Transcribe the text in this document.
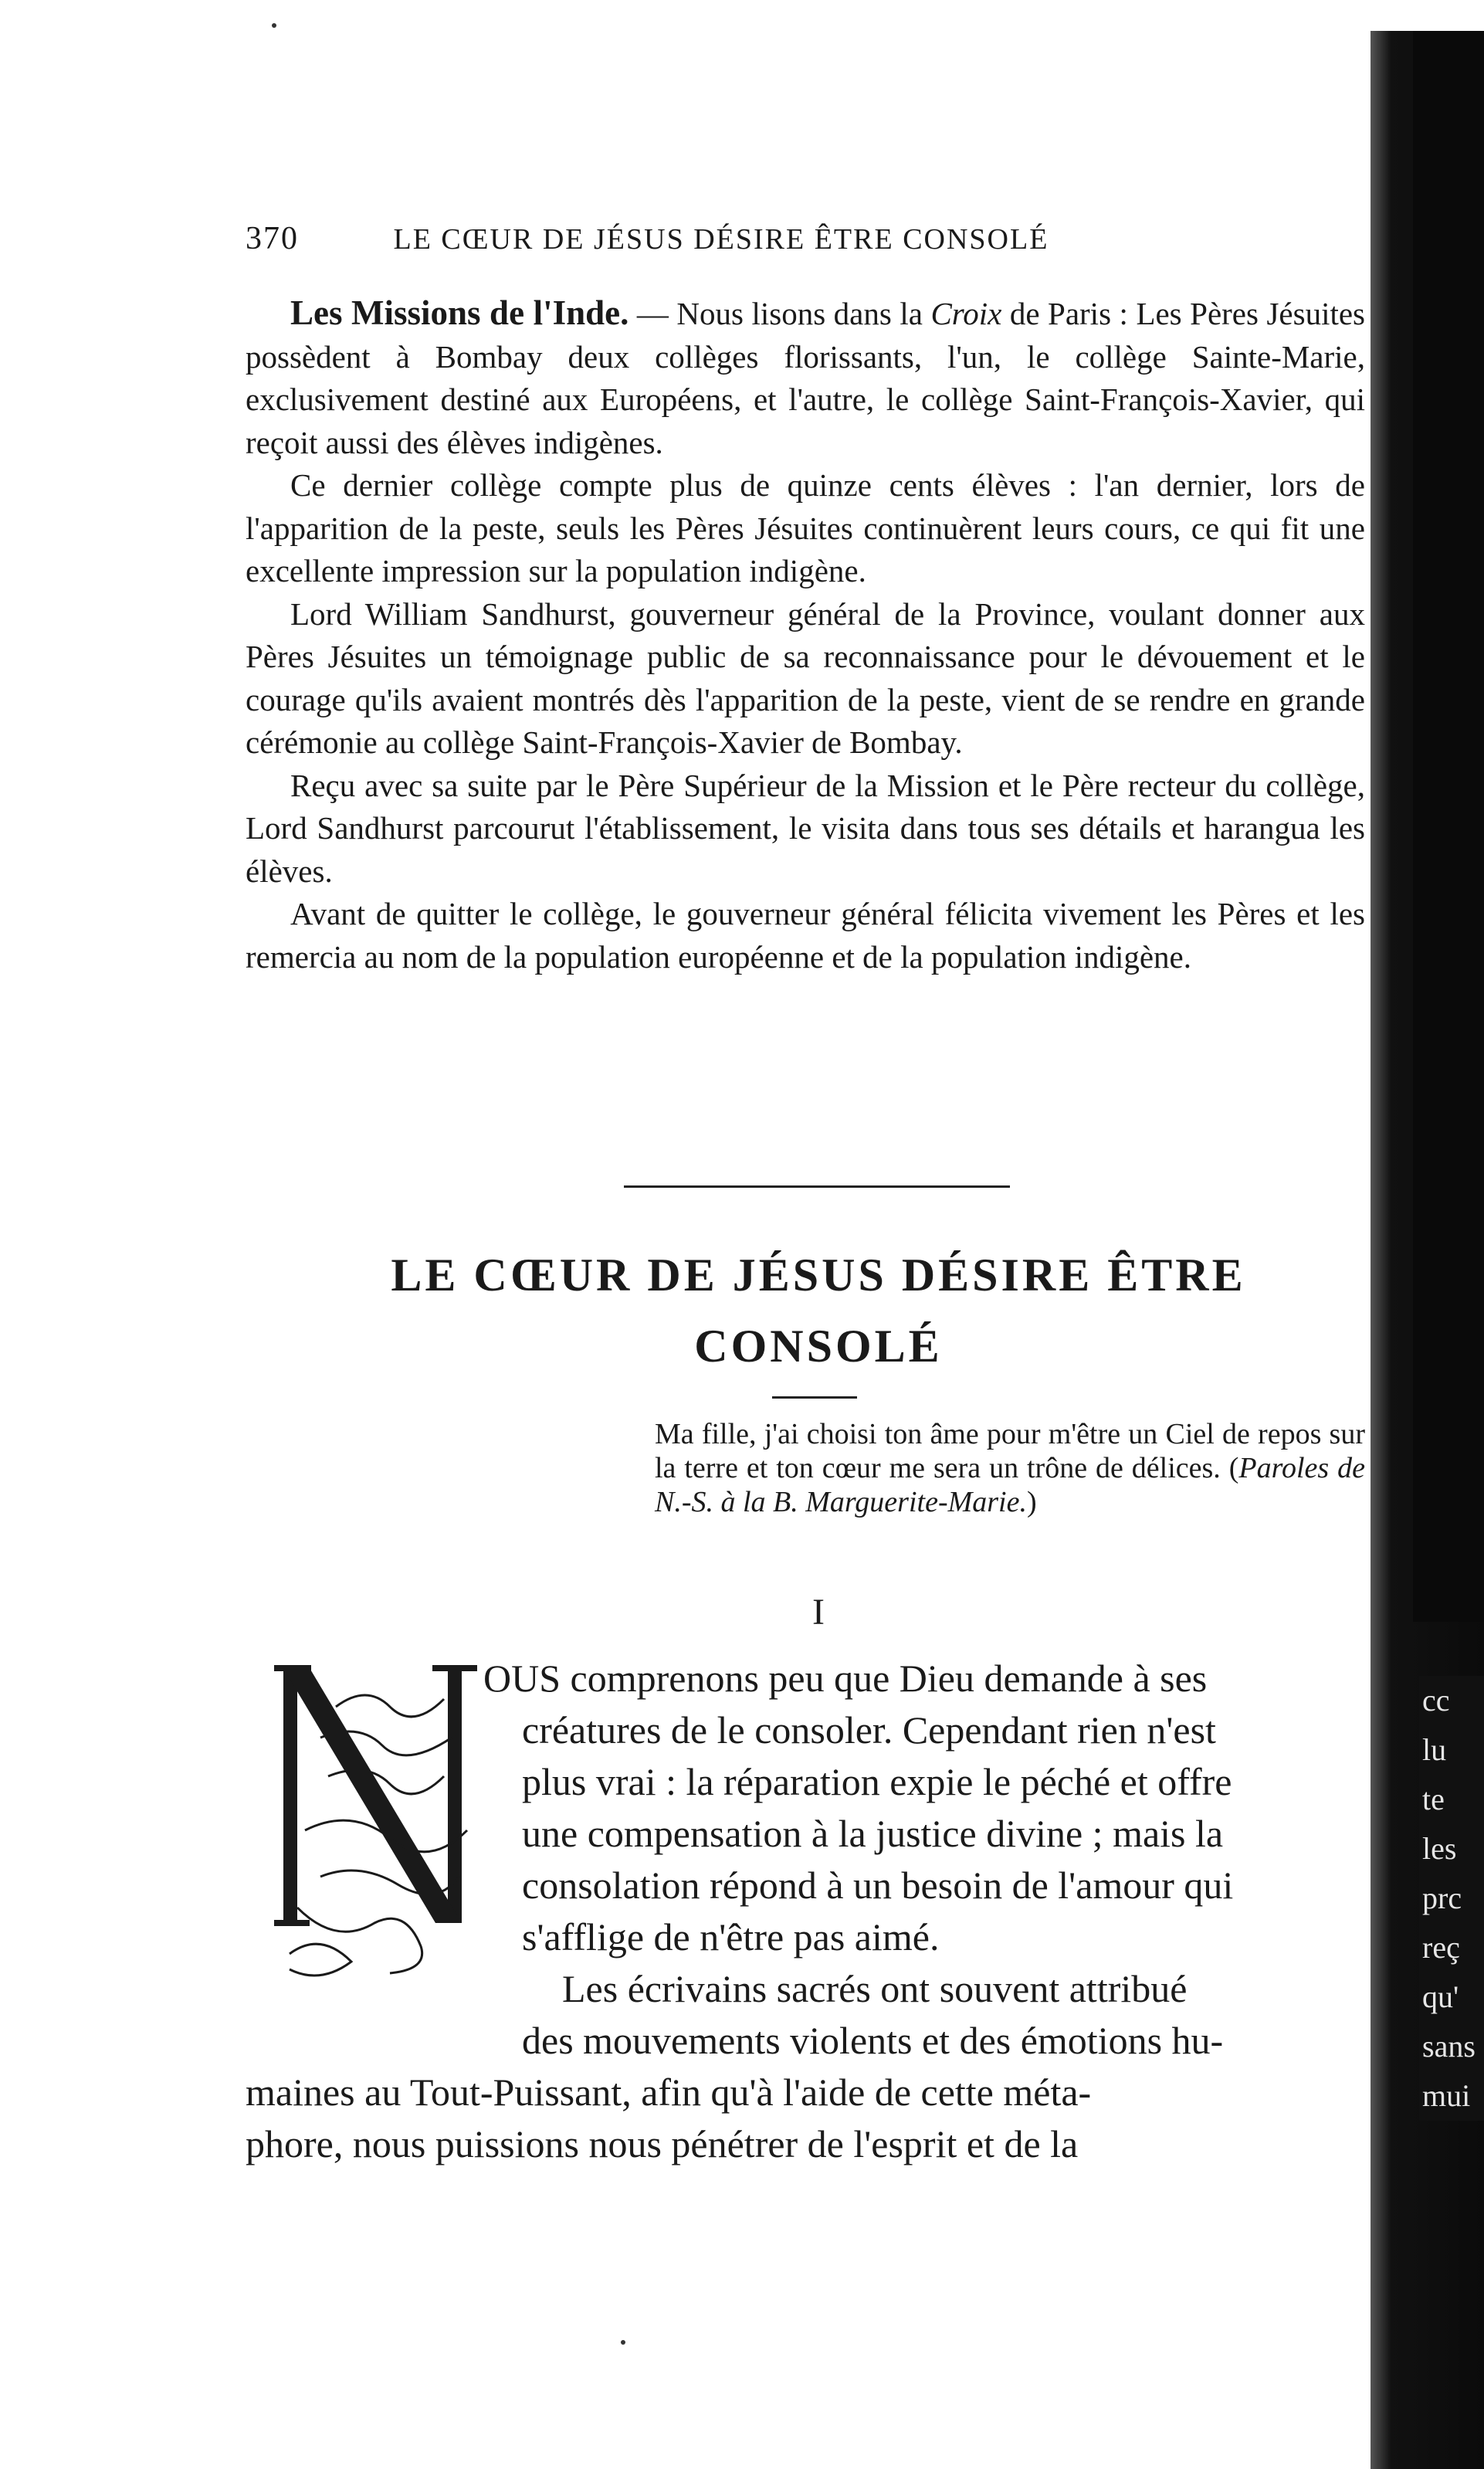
cc
lu
te
les
prc
reç
qu'
sans
mui
370	LE CŒUR DE JÉSUS DÉSIRE ÊTRE CONSOLÉ

Les Missions de l'Inde. — Nous lisons dans la Croix de Paris : Les Pères Jésuites possèdent à Bombay deux collèges florissants, l'un, le collège Sainte-Marie, exclusivement destiné aux Européens, et l'autre, le collège Saint-François-Xavier, qui reçoit aussi des élèves indigènes.

Ce dernier collège compte plus de quinze cents élèves : l'an dernier, lors de l'apparition de la peste, seuls les Pères Jésuites continuèrent leurs cours, ce qui fit une excellente impression sur la population indigène.

Lord William Sandhurst, gouverneur général de la Province, voulant donner aux Pères Jésuites un témoignage public de sa reconnaissance pour le dévouement et le courage qu'ils avaient montrés dès l'apparition de la peste, vient de se rendre en grande cérémonie au collège Saint-François-Xavier de Bombay.

Reçu avec sa suite par le Père Supérieur de la Mission et le Père recteur du collège, Lord Sandhurst parcourut l'établissement, le visita dans tous ses détails et harangua les élèves.

Avant de quitter le collège, le gouverneur général félicita vivement les Pères et les remercia au nom de la population européenne et de la population indigène.

LE CŒUR DE JÉSUS DÉSIRE ÊTRE
CONSOLÉ
Ma fille, j'ai choisi ton âme pour m'être un Ciel de repos sur la terre et ton cœur me sera un trône de délices. (Paroles de N.-S. à la B. Marguerite-Marie.)
I
OUS comprenons peu que Dieu demande à ses
créatures de le consoler. Cependant rien n'est
plus vrai : la réparation expie le péché et offre
une compensation à la justice divine ; mais la
consolation répond à un besoin de l'amour qui
s'afflige de n'être pas aimé.
Les écrivains sacrés ont souvent attribué
des mouvements violents et des émotions hu-
maines au Tout-Puissant, afin qu'à l'aide de cette méta-
phore, nous puissions nous pénétrer de l'esprit et de la
